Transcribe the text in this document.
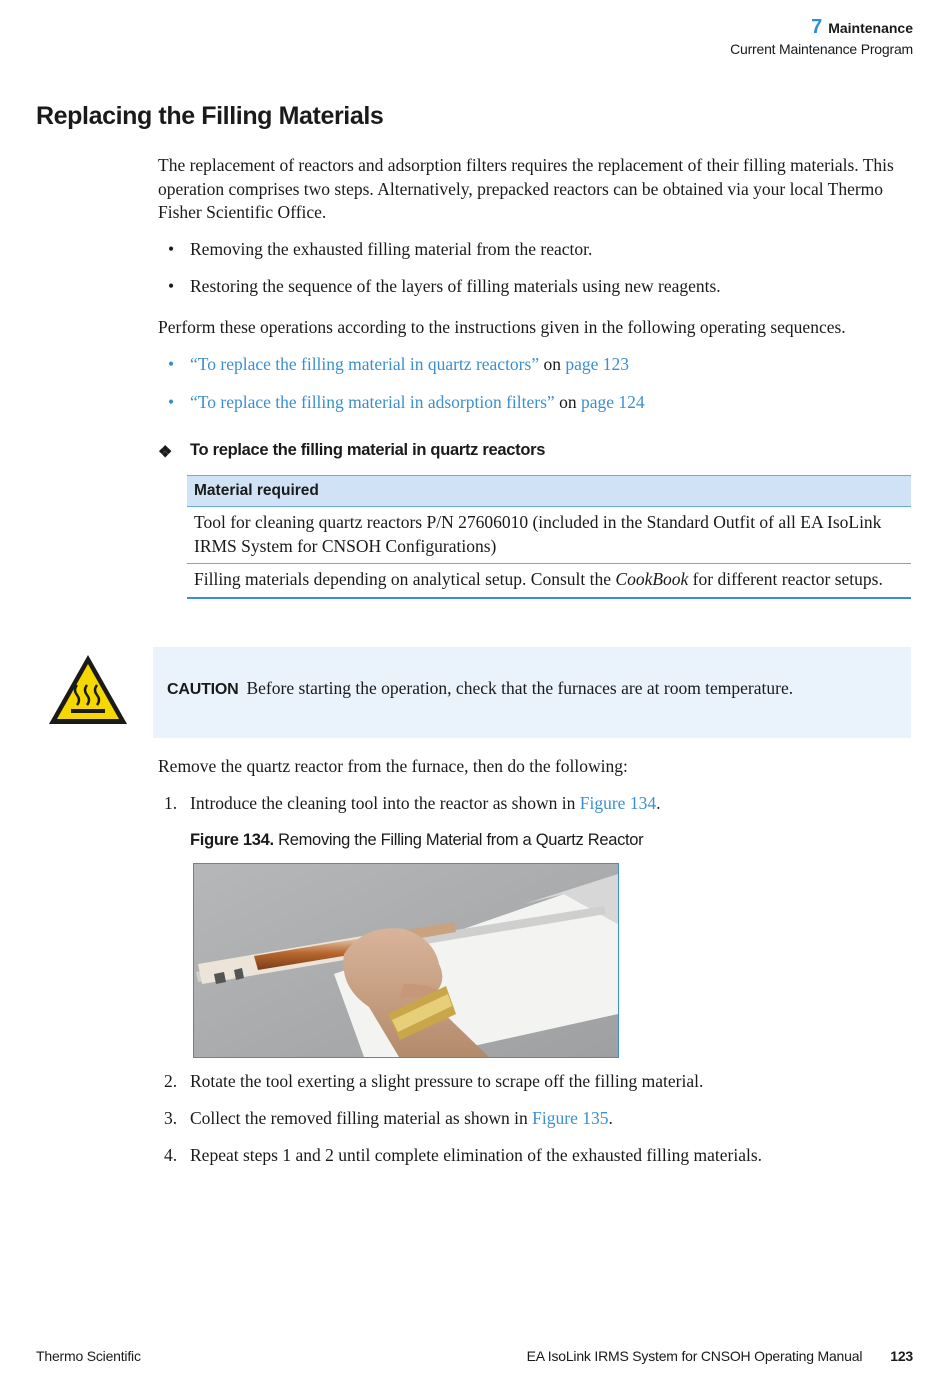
7 Maintenance
Current Maintenance Program
Replacing the Filling Materials
The replacement of reactors and adsorption filters requires the replacement of their filling materials. This operation comprises two steps. Alternatively, prepacked reactors can be obtained via your local Thermo Fisher Scientific Office.
• Removing the exhausted filling material from the reactor.
• Restoring the sequence of the layers of filling materials using new reagents.
Perform these operations according to the instructions given in the following operating sequences.
• “To replace the filling material in quartz reactors” on page 123
• “To replace the filling material in adsorption filters” on page 124
❖ To replace the filling material in quartz reactors
Material required
Tool for cleaning quartz reactors P/N 27606010 (included in the Standard Outfit of all EA IsoLink IRMS System for CNSOH Configurations)
Filling materials depending on analytical setup. Consult the CookBook for different reactor setups.
CAUTION Before starting the operation, check that the furnaces are at room temperature.
Remove the quartz reactor from the furnace, then do the following:
1. Introduce the cleaning tool into the reactor as shown in Figure 134.
Figure 134. Removing the Filling Material from a Quartz Reactor
2. Rotate the tool exerting a slight pressure to scrape off the filling material.
3. Collect the removed filling material as shown in Figure 135.
4. Repeat steps 1 and 2 until complete elimination of the exhausted filling materials.
Thermo Scientific	EA IsoLink IRMS System for CNSOH Operating Manual 123
